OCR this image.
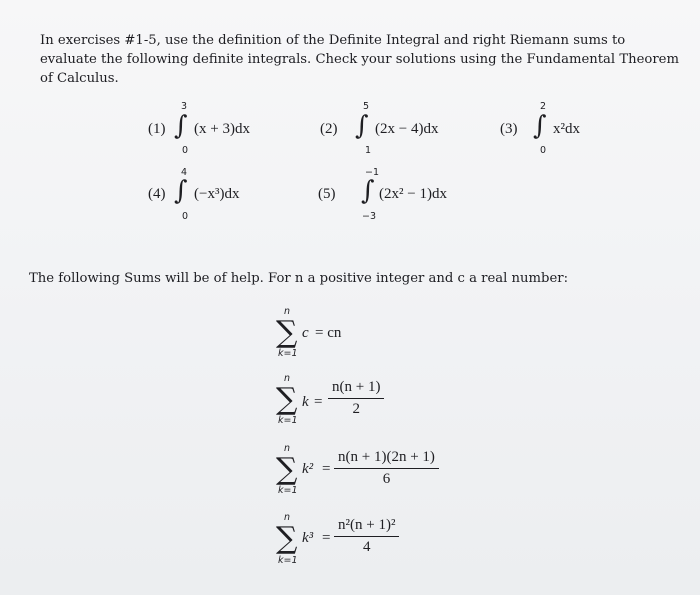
In exercises #1-5, use the definition of the Definite Integral and right Riemann sums to evaluate the following definite integrals. Check your solutions using the Fundamental Theorem of Calculus.
(1)
3
∫
0
(x + 3)dx	(2)
5
∫
1
(2x − 4)dx	(3)
2
∫
0
x²dx
(4)
4
∫
0
(−x³)dx	(5)
−1
∫
−3
(2x² − 1)dx
The following Sums will be of help. For n a positive integer and c a real number:
n
∑
k=1
c = cn
n
∑
k=1
$k = \frac{n(n + 1)}{2}$
n
∑
k=1
$k^2 = \frac{n(n + 1)(2n + 1)}{6}$
n
∑
k=1
$k^3 = \frac{\text{n²(n + 1)²}}{4}$
